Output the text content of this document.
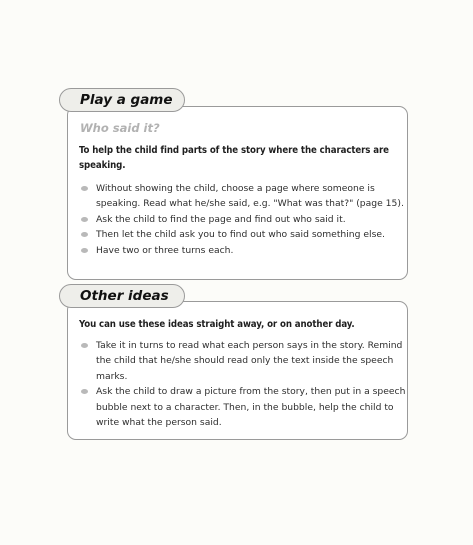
Play a game
Who said it?
To help the child find parts of the story where the characters are speaking.
Without showing the child, choose a page where someone is speaking. Read what he/she said, e.g. "What was that?" (page 15).
Ask the child to find the page and find out who said it.
Then let the child ask you to find out who said something else.
Have two or three turns each.
Other ideas
You can use these ideas straight away, or on another day.
Take it in turns to read what each person says in the story. Remind the child that he/she should read only the text inside the speech marks.
Ask the child to draw a picture from the story, then put in a speech bubble next to a character. Then, in the bubble, help the child to write what the person said.
